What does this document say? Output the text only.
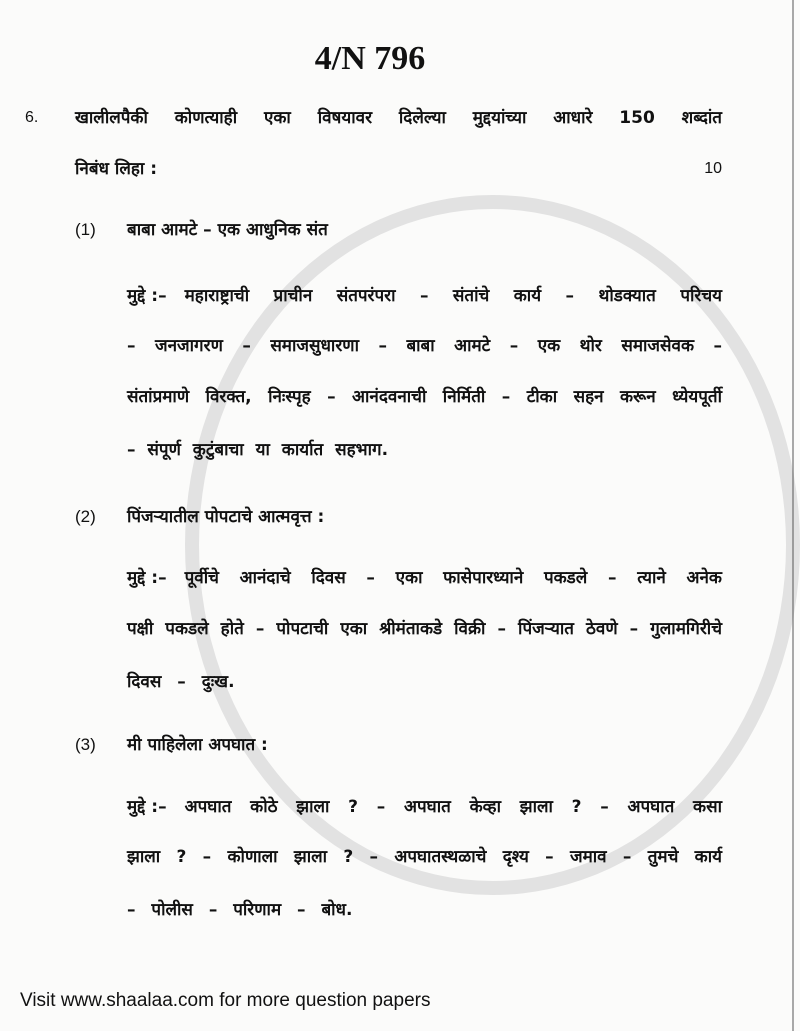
4/N 796
6.	खालीलपैकी कोणत्याही एका विषयावर दिलेल्या मुद्दयांच्या आधारे 150 शब्दांत
निबंध लिहा :	10
(1)	बाबा आमटे – एक आधुनिक संत
मुद्दे :– महाराष्ट्राची प्राचीन संतपरंपरा – संतांचे कार्य – थोडक्यात परिचय
– जनजागरण – समाजसुधारणा – बाबा आमटे – एक थोर समाजसेवक –
संतांप्रमाणे विरक्त, निःस्पृह – आनंदवनाची निर्मिती – टीका सहन करून ध्येयपूर्ती
– संपूर्ण कुटुंबाचा या कार्यात सहभाग.
(2)	पिंजऱ्यातील पोपटाचे आत्मवृत्त :
मुद्दे :– पूर्वीचे आनंदाचे दिवस – एका फासेपारध्याने पकडले – त्याने अनेक
पक्षी पकडले होते – पोपटाची एका श्रीमंताकडे विक्री – पिंजऱ्यात ठेवणे – गुलामगिरीचे
दिवस – दुःख.
(3)	मी पाहिलेला अपघात :
मुद्दे :– अपघात कोठे झाला ? – अपघात केव्हा झाला ? – अपघात कसा
झाला ? – कोणाला झाला ? – अपघातस्थळाचे दृश्य – जमाव – तुमचे कार्य
– पोलीस – परिणाम – बोध.
Visit www.shaalaa.com for more question papers
